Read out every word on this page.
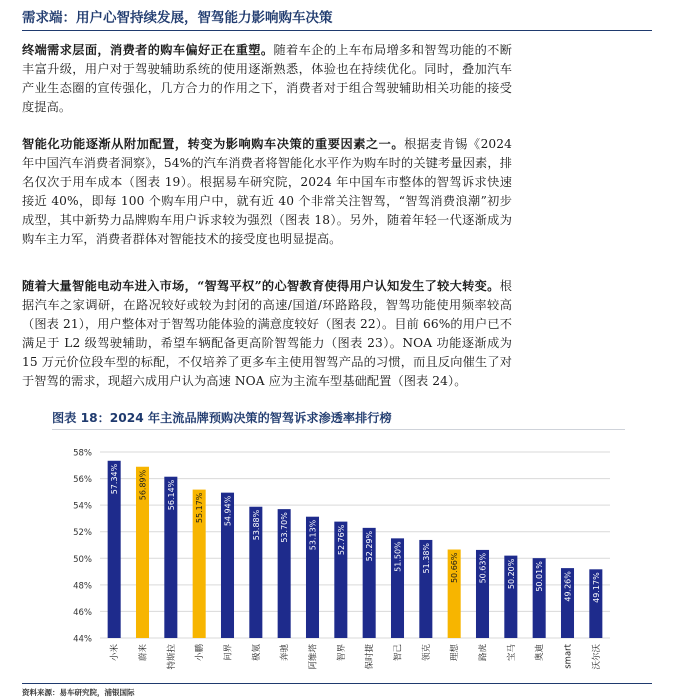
需求端：用户心智持续发展，智驾能力影响购车决策
终端需求层面，消费者的购车偏好正在重塑。随着车企的上车布局增多和智驾功能的不断丰富升级，用户对于驾驶辅助系统的使用逐渐熟悉，体验也在持续优化。同时，叠加汽车产业生态圈的宣传强化，几方合力的作用之下，消费者对于组合驾驶辅助相关功能的接受度提高。
智能化功能逐渐从附加配置，转变为影响购车决策的重要因素之一。根据麦肯锡《2024 年中国汽车消费者洞察》，54%的汽车消费者将智能化水平作为购车时的关键考量因素，排名仅次于用车成本（图表 19）。根据易车研究院，2024 年中国车市整体的智驾诉求快速接近 40%，即每 100 个购车用户中，就有近 40 个非常关注智驾，“智驾消费浪潮”初步成型，其中新势力品牌购车用户诉求较为强烈（图表 18）。另外，随着年轻一代逐渐成为购车主力军，消费者群体对智能技术的接受度也明显提高。
随着大量智能电动车进入市场，“智驾平权”的心智教育使得用户认知发生了较大转变。根据汽车之家调研，在路况较好或较为封闭的高速/国道/环路路段，智驾功能使用频率较高（图表 21），用户整体对于智驾功能体验的满意度较好（图表 22）。目前 66%的用户已不满足于 L2 级驾驶辅助，希望车辆配备更高阶智驾能力（图表 23）。NOA 功能逐渐成为 15 万元价位段车型的标配，不仅培养了更多车主使用智驾产品的习惯，而且反向催生了对于智驾的需求，现超六成用户认为高速 NOA 应为主流车型基础配置（图表 24）。
图表 18：2024 年主流品牌预购决策的智驾诉求渗透率排行榜
44%
46%
48%
50%
52%
54%
56%
58%
57.34%
小米
56.89%
蔚来
56.14%
特斯拉
55.17%
小鹏
54.94%
问界
53.88%
极氪
53.70%
奔驰
53.13%
阿维塔
52.76%
智界
52.29%
保时捷
51.50%
智己
51.38%
领克
50.66%
理想
50.63%
路虎
50.20%
宝马
50.01%
奥迪
49.26%
smart
49.17%
沃尔沃
资料来源：易车研究院，浦银国际
